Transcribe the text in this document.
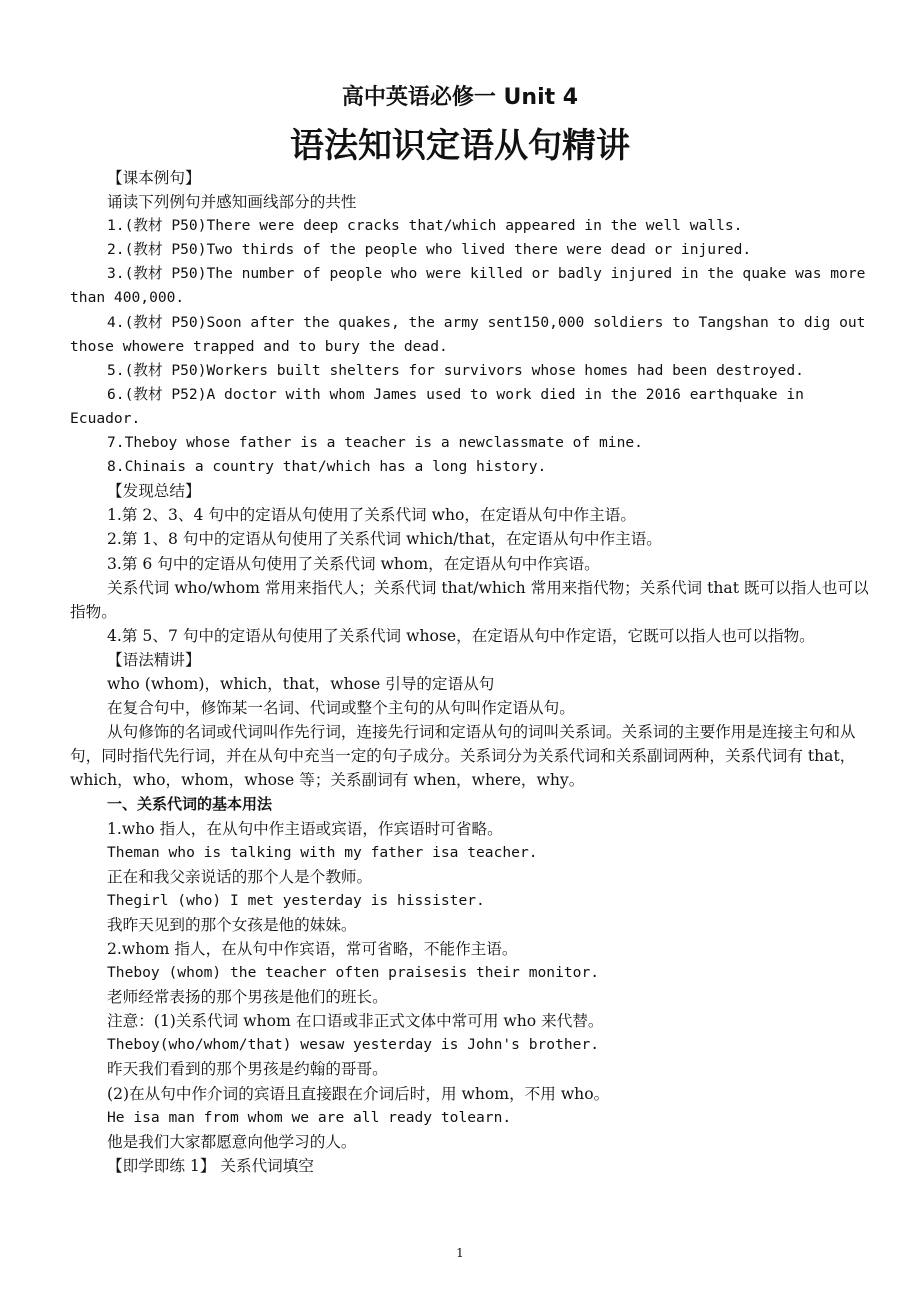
高中英语必修一 Unit 4
语法知识定语从句精讲

【课本例句】

诵读下列例句并感知画线部分的共性

1.(教材 P50)There were deep cracks that/which appeared in the well walls.

2.(教材 P50)Two thirds of the people who lived there were dead or injured.

3.(教材 P50)The number of people who were killed or badly injured in the quake was more than 400,000.

4.(教材 P50)Soon after the quakes, the army sent150,000 soldiers to Tangshan to dig out those whowere trapped and to bury the dead.

5.(教材 P50)Workers built shelters for survivors whose homes had been destroyed.

6.(教材 P52)A doctor with whom James used to work died in the 2016 earthquake in Ecuador.

7.Theboy whose father is a teacher is a newclassmate of mine.

8.Chinais a country that/which has a long history.

【发现总结】

1.第 2、3、4 句中的定语从句使用了关系代词 who，在定语从句中作主语。

2.第 1、8 句中的定语从句使用了关系代词 which/that，在定语从句中作主语。

3.第 6 句中的定语从句使用了关系代词 whom，在定语从句中作宾语。

关系代词 who/whom 常用来指代人；关系代词 that/which 常用来指代物；关系代词 that 既可以指人也可以指物。

4.第 5、7 句中的定语从句使用了关系代词 whose，在定语从句中作定语，它既可以指人也可以指物。

【语法精讲】

who (whom)，which，that，whose 引导的定语从句

在复合句中，修饰某一名词、代词或整个主句的从句叫作定语从句。

从句修饰的名词或代词叫作先行词，连接先行词和定语从句的词叫关系词。关系词的主要作用是连接主句和从句，同时指代先行词，并在从句中充当一定的句子成分。关系词分为关系代词和关系副词两种，关系代词有 that，which，who，whom，whose 等；关系副词有 when，where，why。

一、关系代词的基本用法

1.who 指人，在从句中作主语或宾语，作宾语时可省略。

Theman who is talking with my father isa teacher.

正在和我父亲说话的那个人是个教师。

Thegirl (who) I met yesterday is hissister.

我昨天见到的那个女孩是他的妹妹。

2.whom 指人，在从句中作宾语，常可省略，不能作主语。

Theboy (whom) the teacher often praisesis their monitor.

老师经常表扬的那个男孩是他们的班长。

注意：(1)关系代词 whom 在口语或非正式文体中常可用 who 来代替。

Theboy(who/whom/that) wesaw yesterday is John's brother.

昨天我们看到的那个男孩是约翰的哥哥。

(2)在从句中作介词的宾语且直接跟在介词后时，用 whom，不用 who。

He isa man from whom we are all ready tolearn.

他是我们大家都愿意向他学习的人。

【即学即练 1】 关系代词填空

1
